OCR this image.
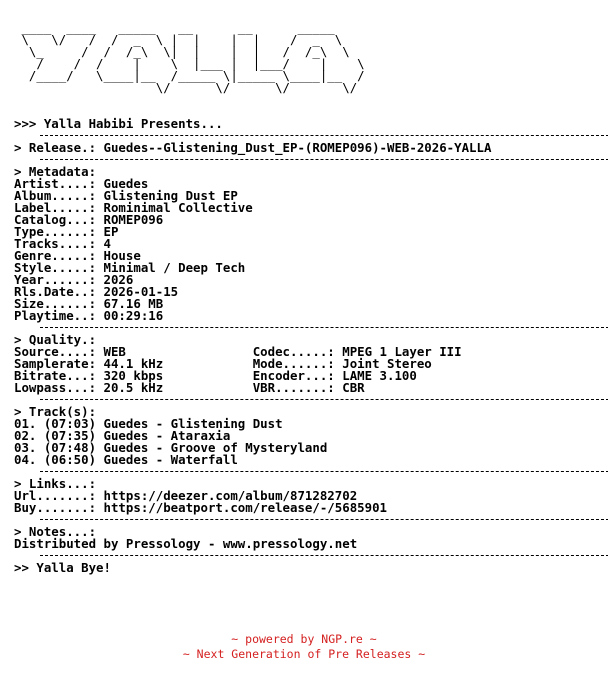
____  ____   _____   __      __      _____
\   \/   /  /  _  \ |  |    |  |    /  _  \
\_     /  /  /_\  \|  |    |  |   /  /_\  \
/    /  /    |    \  |___ |  |___/    |    \
/____/   \____|__  /_____ \|_____ \____|__  /
\/      \/      \/       \/
>>> Yalla Habibi Presents...
> Release.: Guedes--Glistening_Dust_EP-(ROMEP096)-WEB-2026-YALLA
> Metadata:
Artist....: Guedes
Album.....: Glistening Dust EP
Label.....: Rominimal Collective
Catalog...: ROMEP096
Type......: EP
Tracks....: 4
Genre.....: House
Style.....: Minimal / Deep Tech
Year......: 2026
Rls.Date..: 2026-01-15
Size......: 67.16 MB
Playtime..: 00:29:16
> Quality.:
Source....: WEB                 Codec.....: MPEG 1 Layer III
Samplerate: 44.1 kHz            Mode......: Joint Stereo
Bitrate...: 320 kbps            Encoder...: LAME 3.100
Lowpass...: 20.5 kHz            VBR.......: CBR
> Track(s):
01. (07:03) Guedes - Glistening Dust
02. (07:35) Guedes - Ataraxia
03. (07:48) Guedes - Groove of Mysteryland
04. (06:50) Guedes - Waterfall
> Links...:
Url.......: https://deezer.com/album/871282702
Buy.......: https://beatport.com/release/-/5685901
> Notes...:
Distributed by Pressology - www.pressology.net
>> Yalla Bye!
~ powered by NGP.re ~
~ Next Generation of Pre Releases ~
